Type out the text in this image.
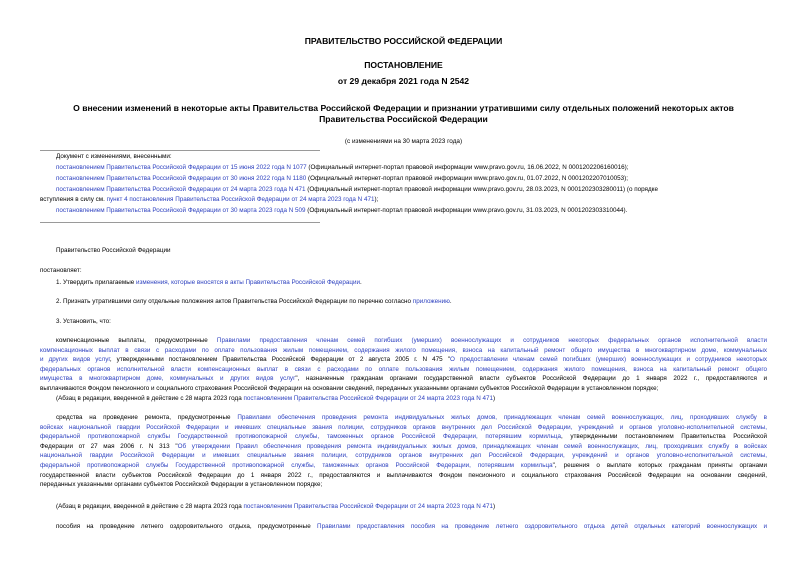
ПРАВИТЕЛЬСТВО РОССИЙСКОЙ ФЕДЕРАЦИИ
ПОСТАНОВЛЕНИЕ
от 29 декабря 2021 года N 2542
О внесении изменений в некоторые акты Правительства Российской Федерации и признании утратившими силу отдельных положений некоторых актов
Правительства Российской Федерации
(с изменениями на 30 марта 2023 года)
Документ с изменениями, внесенными:
постановлением Правительства Российской Федерации от 15 июня 2022 года N 1077 (Официальный интернет-портал правовой информации www.pravo.gov.ru, 16.06.2022, N 0001202206160016);
постановлением Правительства Российской Федерации от 30 июня 2022 года N 1180 (Официальный интернет-портал правовой информации www.pravo.gov.ru, 01.07.2022, N 0001202207010053);
постановлением Правительства Российской Федерации от 24 марта 2023 года N 471 (Официальный интернет-портал правовой информации www.pravo.gov.ru, 28.03.2023, N 0001202303280011) (о порядке
вступления в силу см. пункт 4 постановления Правительства Российской Федерации от 24 марта 2023 года N 471);
постановлением Правительства Российской Федерации от 30 марта 2023 года N 509 (Официальный интернет-портал правовой информации www.pravo.gov.ru, 31.03.2023, N 0001202303310044).
Правительство Российской Федерации
постановляет:
1. Утвердить прилагаемые изменения, которые вносятся в акты Правительства Российской Федерации.
2. Признать утратившими силу отдельные положения актов Правительства Российской Федерации по перечню согласно приложению.
3. Установить, что:
компенсационные выплаты, предусмотренные Правилами предоставления членам семей погибших (умерших) военнослужащих и сотрудников некоторых федеральных органов исполнительной власти
компенсационных выплат в связи с расходами по оплате пользования жилым помещением, содержания жилого помещения, взноса на капитальный ремонт общего имущества в многоквартирном доме, коммунальных
и других видов услуг, утвержденными постановлением Правительства Российской Федерации от 2 августа 2005 г. N 475 "О предоставлении членам семей погибших (умерших) военнослужащих и сотрудников некоторых
федеральных органов исполнительной власти компенсационных выплат в связи с расходами по оплате пользования жилым помещением, содержания жилого помещения, взноса на капитальный ремонт общего
имущества в многоквартирном доме, коммунальных и других видов услуг", назначенные гражданам органами государственной власти субъектов Российской Федерации до 1 января 2022 г., предоставляются и
выплачиваются Фондом пенсионного и социального страхования Российской Федерации на основании сведений, переданных указанными органами субъектов Российской Федерации в установленном порядке;
(Абзац в редакции, введенной в действие с 28 марта 2023 года постановлением Правительства Российской Федерации от 24 марта 2023 года N 471)
средства на проведение ремонта, предусмотренные Правилами обеспечения проведения ремонта индивидуальных жилых домов, принадлежащих членам семей военнослужащих, лиц, проходивших службу в
войсках национальной гвардии Российской Федерации и имевших специальные звания полиции, сотрудников органов внутренних дел Российской Федерации, учреждений и органов уголовно-исполнительной системы,
федеральной противопожарной службы Государственной противопожарной службы, таможенных органов Российской Федерации, потерявшим кормильца, утвержденными постановлением Правительства Российской
Федерации от 27 мая 2006 г. N 313 "Об утверждении Правил обеспечения проведения ремонта индивидуальных жилых домов, принадлежащих членам семей военнослужащих, лиц, проходивших службу в войсках
национальной гвардии Российской Федерации и имевших специальные звания полиции, сотрудников органов внутренних дел Российской Федерации, учреждений и органов уголовно-исполнительной системы,
федеральной противопожарной службы Государственной противопожарной службы, таможенных органов Российской Федерации, потерявшим кормильца", решения о выплате которых гражданам приняты органами
государственной власти субъектов Российской Федерации до 1 января 2022 г., предоставляются и выплачиваются Фондом пенсионного и социального страхования Российской Федерации на основании сведений,
переданных указанными органами субъектов Российской Федерации в установленном порядке;
(Абзац в редакции, введенной в действие с 28 марта 2023 года постановлением Правительства Российской Федерации от 24 марта 2023 года N 471)
пособия на проведение летнего оздоровительного отдыха, предусмотренные Правилами предоставления пособия на проведение летнего оздоровительного отдыха детей отдельных категорий военнослужащих и
